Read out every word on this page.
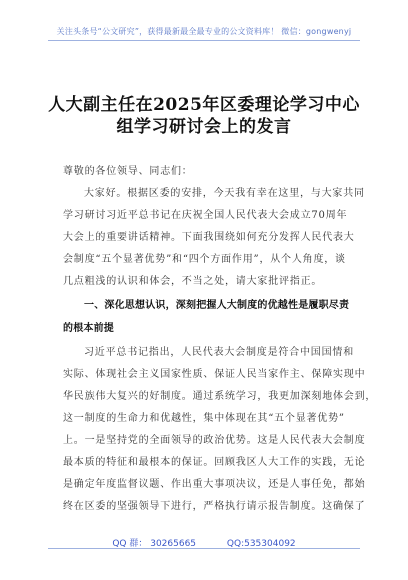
关注头条号“公文研究”，获得最新最全最专业的公文资料库！ 微信：gongwenyj
人大副主任在2025年区委理论学习中心
组学习研讨会上的发言
尊敬的各位领导、同志们：
大家好。根据区委的安排，今天我有幸在这里，与大家共同
学习研讨习近平总书记在庆祝全国人民代表大会成立70周年
大会上的重要讲话精神。下面我围绕如何充分发挥人民代表大
会制度“五个显著优势”和“四个方面作用”，从个人角度，谈
几点粗浅的认识和体会，不当之处，请大家批评指正。
一、深化思想认识，深刻把握人大制度的优越性是履职尽责
的根本前提
习近平总书记指出，人民代表大会制度是符合中国国情和
实际、体现社会主义国家性质、保证人民当家作主、保障实现中
华民族伟大复兴的好制度。通过系统学习，我更加深刻地体会到，
这一制度的生命力和优越性，集中体现在其“五个显著优势”
上。一是坚持党的全面领导的政治优势。这是人民代表大会制度
最本质的特征和最根本的保证。回顾我区人大工作的实践，无论
是确定年度监督议题、作出重大事项决议，还是人事任免，都始
终在区委的坚强领导下进行，严格执行请示报告制度。这确保了
QQ 群： 30265665	QQ:535304092
